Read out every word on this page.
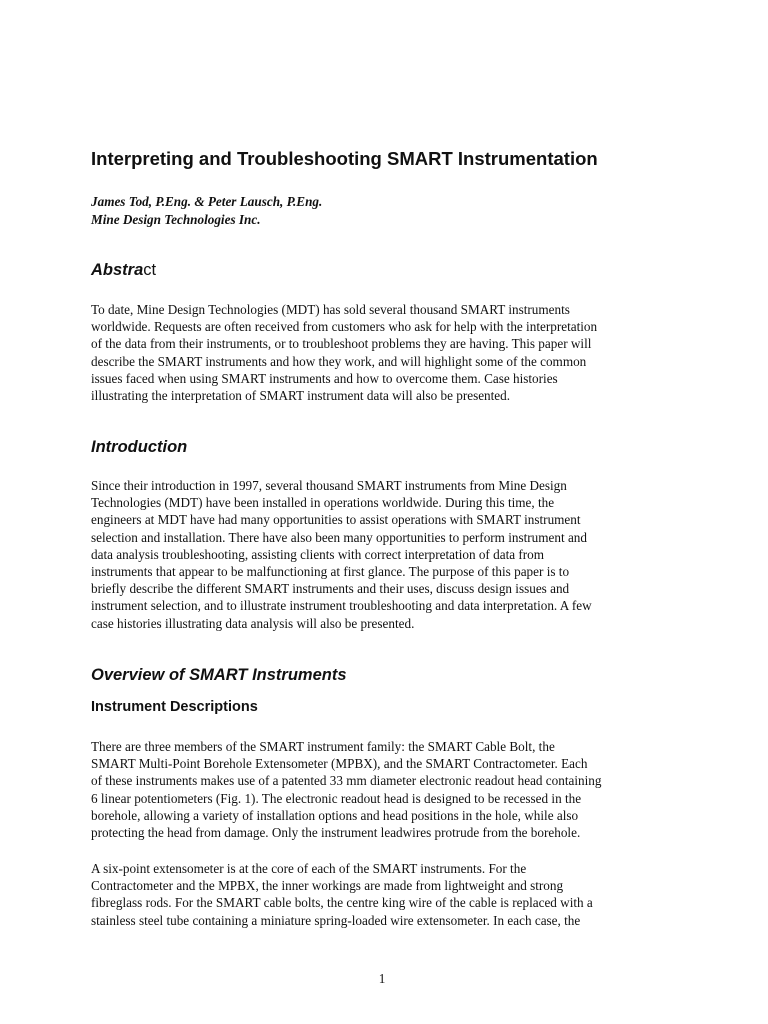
Interpreting and Troubleshooting SMART Instrumentation
James Tod, P.Eng. & Peter Lausch, P.Eng.
Mine Design Technologies Inc.
Abstract

To date, Mine Design Technologies (MDT) has sold several thousand SMART instruments
worldwide. Requests are often received from customers who ask for help with the interpretation
of the data from their instruments, or to troubleshoot problems they are having. This paper will
describe the SMART instruments and how they work, and will highlight some of the common
issues faced when using SMART instruments and how to overcome them. Case histories
illustrating the interpretation of SMART instrument data will also be presented.

Introduction

Since their introduction in 1997, several thousand SMART instruments from Mine Design
Technologies (MDT) have been installed in operations worldwide. During this time, the
engineers at MDT have had many opportunities to assist operations with SMART instrument
selection and installation. There have also been many opportunities to perform instrument and
data analysis troubleshooting, assisting clients with correct interpretation of data from
instruments that appear to be malfunctioning at first glance. The purpose of this paper is to
briefly describe the different SMART instruments and their uses, discuss design issues and
instrument selection, and to illustrate instrument troubleshooting and data interpretation. A few
case histories illustrating data analysis will also be presented.

Overview of SMART Instruments
Instrument Descriptions

There are three members of the SMART instrument family: the SMART Cable Bolt, the
SMART Multi-Point Borehole Extensometer (MPBX), and the SMART Contractometer. Each
of these instruments makes use of a patented 33 mm diameter electronic readout head containing
6 linear potentiometers (Fig. 1). The electronic readout head is designed to be recessed in the
borehole, allowing a variety of installation options and head positions in the hole, while also
protecting the head from damage. Only the instrument leadwires protrude from the borehole.

A six-point extensometer is at the core of each of the SMART instruments. For the
Contractometer and the MPBX, the inner workings are made from lightweight and strong
fibreglass rods. For the SMART cable bolts, the centre king wire of the cable is replaced with a
stainless steel tube containing a miniature spring-loaded wire extensometer. In each case, the

1
